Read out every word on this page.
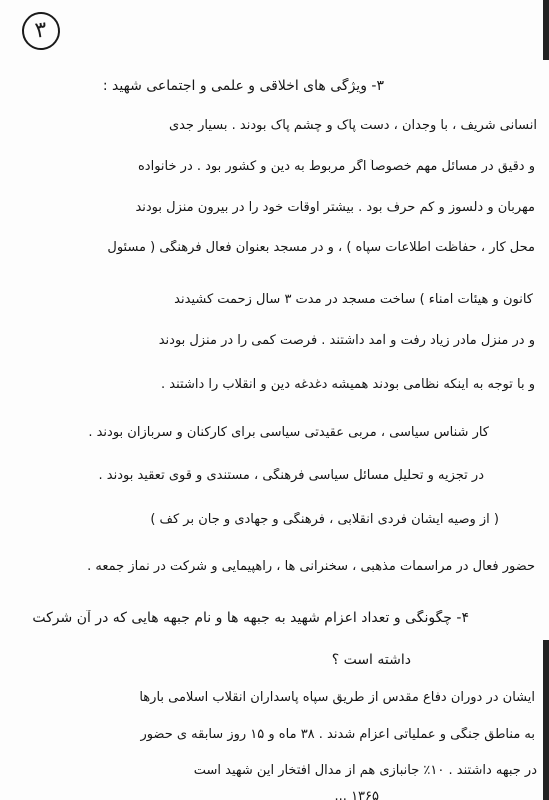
۳
۳- ویژگی های اخلاقی و علمی و اجتماعی شهید :
انسانی شریف ، با وجدان ، دست پاک و چشم پاک بودند . بسیار جدی
و دقیق در مسائل مهم خصوصاً اگر مربوط به دین و کشور بود . در خانواده
مهربان و دلسوز و کم حرف بود . بیشتر اوقات خود را در بیرون منزل بودند
محل کار ، حفاظت اطلاعات سپاه ) ، و در مسجد بعنوان فعال فرهنگی ( مسئول
کانون و هیئات امناء ) ساخت مسجد در مدت ۳ سال زحمت کشیدند
و در منزل مادر زیاد رفت و آمد داشتند . فرصت کمی را در منزل بودند
و با توجه به اینکه نظامی بودند همیشه دغدغه دین و انقلاب را داشتند .
کار شناس سیاسی ، مربی عقیدتی سیاسی برای کارکنان و سربازان بودند .
در تجزیه و تحلیل مسائل سیاسی فرهنگی ، مستندی و قوی تعقید بودند .
( از وصیه ایشان فردی انقلابی ، فرهنگی و جهادی و جان بر کف )
حضور فعال در مراسمات مذهبی ، سخنرانی ها ، راهپیمایی و شرکت در نماز جمعه .
۴- چگونگی و تعداد اعزام شهید به جبهه ها و نام جبهه هایی که در آن شرکت
داشته است ؟
ایشان در دوران دفاع مقدس از طریق سپاه پاسداران انقلاب اسلامی بارها
به مناطق جنگی و عملیاتی اعزام شدند . ۳۸ ماه و ۱۵ روز سابقه ی حضور
در جبهه داشتند . ۱۰٪ جانبازی هم از مدال افتخار این شهید است
۱۳۶۵ ...
